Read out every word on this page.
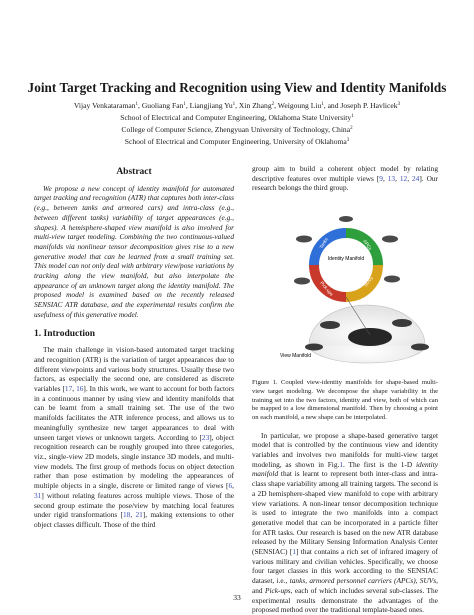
Joint Target Tracking and Recognition using View and Identity Manifolds
Vijay Venkataraman$^1$, Guoliang Fan$^1$, Liangjiang Yu$^1$, Xin Zhang$^2$, Weigoung Liu$^1$, and Joseph P. Havlicek$^3$
School of Electrical and Computer Engineering, Oklahoma State University$^1$
College of Computer Science, Zhengyuan University of Technology, China$^2$
School of Electrical and Computer Engineering, University of Oklahoma$^3$
Abstract

We propose a new concept of identity manifold for automated target tracking and recognition (ATR) that captures both inter-class (e.g., between tanks and armored cars) and intra-class (e.g., between different tanks) variability of target appearances (e.g., shapes). A hemisphere-shaped view manifold is also involved for multi-view target modeling. Combining the two continuous-valued manifolds via nonlinear tensor decomposition gives rise to a new generative model that can be learned from a small training set. This model can not only deal with arbitrary view/pose variations by tracking along the view manifold, but also interpolate the appearance of an unknown target along the identity manifold. The proposed model is examined based on the recently released SENSIAC ATR database, and the experimental results confirm the usefulness of this generative model.

1. Introduction

The main challenge in vision-based automated target tracking and recognition (ATR) is the variation of target appearances due to different viewpoints and various body structures. Usually these two factors, as especially the second one, are considered as discrete variables [17, 16]. In this work, we want to account for both factors in a continuous manner by using view and identity manifolds that can be learnt from a small training set. The use of the two manifolds facilitates the ATR inference process, and allows us to meaningfully synthesize new target appearances to deal with unseen target views or unknown targets. According to [23], object recognition research can be roughly grouped into three categories, viz., single-view 2D models, single instance 3D models, and multi-view models. The first group of methods focus on object detection rather than pose estimation by modeling the appearances of multiple objects in a single, discrete or limited range of views [6, 31] without relating features across multiple views. Those of the second group estimate the pose/view by matching local features under rigid transformations [18, 21], making extensions to other object classes difficult. Those of the third

group aim to build a coherent object model by relating descriptive features over multiple views [9, 13, 12, 24]. Our research belongs the third group.

Identity Manifold
Tanks	APCs
SUVs
Pick-ups
View Manifold
Figure 1. Coupled view-identity manifolds for shape-based multi-view target modeling. We decompose the shape variability in the training set into the two factors, identity and view, both of which can be mapped to a low dimensional manifold. Then by choosing a point on each manifold, a new shape can be interpolated.

In particular, we propose a shape-based generative target model that is controlled by the continuous view and identity variables and involves two manifolds for multi-view target modeling, as shown in Fig.1. The first is the 1-D identity manifold that is learnt to represent both inter-class and intra-class shape variability among all training targets. The second is a 2D hemisphere-shaped view manifold to cope with arbitrary view variations. A non-linear tensor decomposition technique is used to integrate the two manifolds into a compact generative model that can be incorporated in a particle filter for ATR tasks. Our research is based on the new ATR database released by the Military Sensing Information Analysis Center (SENSIAC) [1] that contains a rich set of infrared imagery of various military and civilian vehicles. Specifically, we choose four target classes in this work according to the SENSIAC dataset, i.e., tanks, armored personnel carriers (APCs), SUVs, and Pick-ups, each of which includes several sub-classes. The experimental results demonstrate the advantages of the proposed method over the traditional template-based ones.

33
